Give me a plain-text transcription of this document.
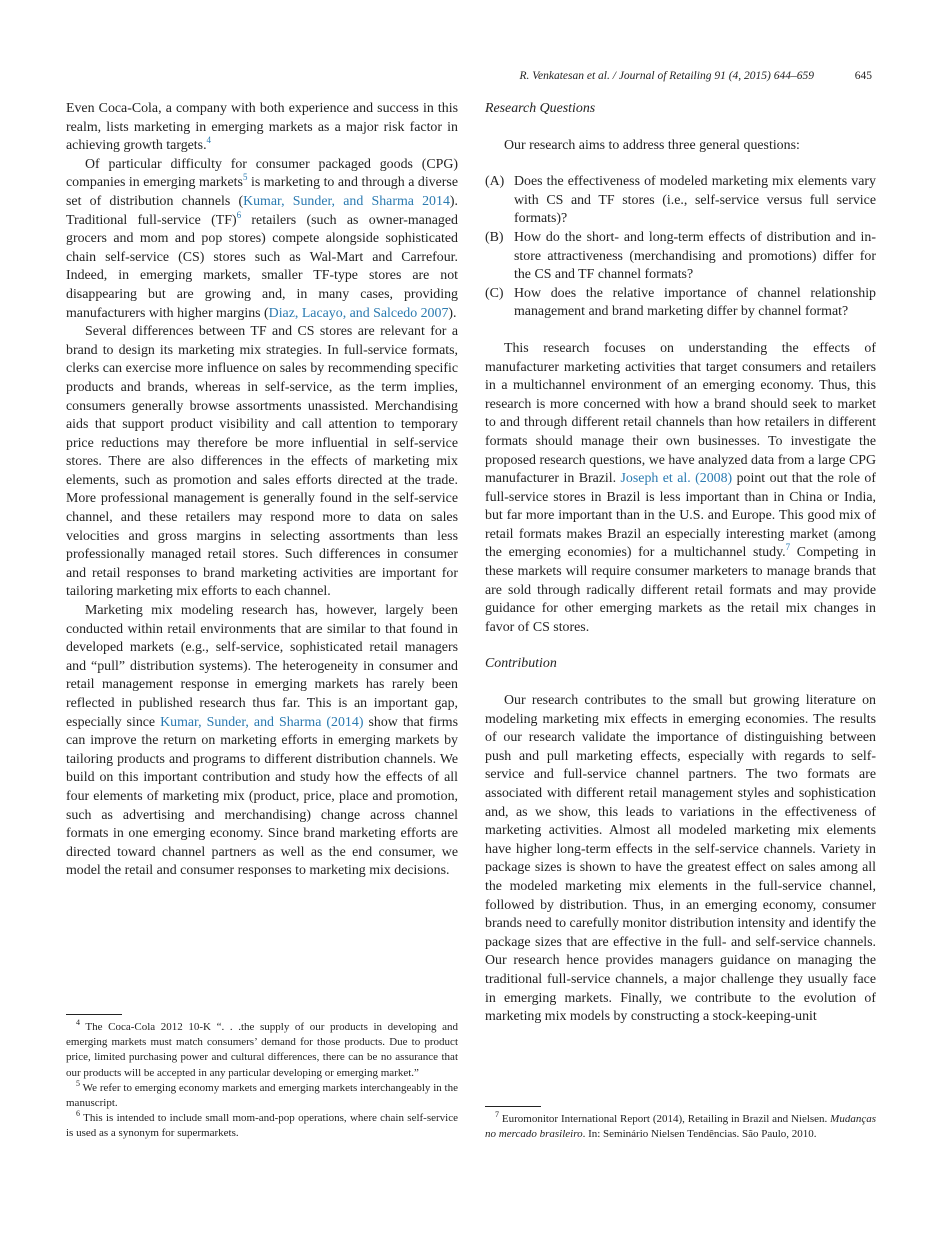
R. Venkatesan et al. / Journal of Retailing 91 (4, 2015) 644–659	645

Even Coca-Cola, a company with both experience and success in this realm, lists marketing in emerging markets as a major risk factor in achieving growth targets.$^4$

Of particular difficulty for consumer packaged goods (CPG) companies in emerging markets$^5$ is marketing to and through a diverse set of distribution channels (Kumar, Sunder, and Sharma 2014). Traditional full-service (TF)$^6$ retailers (such as owner-managed grocers and mom and pop stores) compete alongside sophisticated chain self-service (CS) stores such as Wal-Mart and Carrefour. Indeed, in emerging markets, smaller TF-type stores are not disappearing but are growing and, in many cases, providing manufacturers with higher margins (Diaz, Lacayo, and Salcedo 2007).

Several differences between TF and CS stores are relevant for a brand to design its marketing mix strategies. In full-service formats, clerks can exercise more influence on sales by recommending specific products and brands, whereas in self-service, as the term implies, consumers generally browse assortments unassisted. Merchandising aids that support product visibility and call attention to temporary price reductions may therefore be more influential in self-service stores. There are also differences in the effects of marketing mix elements, such as promotion and sales efforts directed at the trade. More professional management is generally found in the self-service channel, and these retailers may respond more to data on sales velocities and gross margins in selecting assortments than less professionally managed retail stores. Such differences in consumer and retail responses to brand marketing activities are important for tailoring marketing mix efforts to each channel.

Marketing mix modeling research has, however, largely been conducted within retail environments that are similar to that found in developed markets (e.g., self-service, sophisticated retail managers and “pull” distribution systems). The heterogeneity in consumer and retail management response in emerging markets has rarely been reflected in published research thus far. This is an important gap, especially since Kumar, Sunder, and Sharma (2014) show that firms can improve the return on marketing efforts in emerging markets by tailoring products and programs to different distribution channels. We build on this important contribution and study how the effects of all four elements of marketing mix (product, price, place and promotion, such as advertising and merchandising) change across channel formats in one emerging economy. Since brand marketing efforts are directed toward channel partners as well as the end consumer, we model the retail and consumer responses to marketing mix decisions.

$^4$ The Coca-Cola 2012 10-K “. . .the supply of our products in developing and emerging markets must match consumers’ demand for those products. Due to product price, limited purchasing power and cultural differences, there can be no assurance that our products will be accepted in any particular developing or emerging market.”

$^5$ We refer to emerging economy markets and emerging markets interchangeably in the manuscript.

$^6$ This is intended to include small mom-and-pop operations, where chain self-service is used as a synonym for supermarkets.

Research Questions

Our research aims to address three general questions:

(A) Does the effectiveness of modeled marketing mix elements vary with CS and TF stores (i.e., self-service versus full service formats)?
(B) How do the short- and long-term effects of distribution and in-store attractiveness (merchandising and promotions) differ for the CS and TF channel formats?
(C) How does the relative importance of channel relationship management and brand marketing differ by channel format?

This research focuses on understanding the effects of manufacturer marketing activities that target consumers and retailers in a multichannel environment of an emerging economy. Thus, this research is more concerned with how a brand should seek to market to and through different retail channels than how retailers in different formats should manage their own businesses. To investigate the proposed research questions, we have analyzed data from a large CPG manufacturer in Brazil. Joseph et al. (2008) point out that the role of full-service stores in Brazil is less important than in China or India, but far more important than in the U.S. and Europe. This good mix of retail formats makes Brazil an especially interesting market (among the emerging economies) for a multichannel study.$^7$ Competing in these markets will require consumer marketers to manage brands that are sold through radically different retail formats and may provide guidance for other emerging markets as the retail mix changes in favor of CS stores.

Contribution

Our research contributes to the small but growing literature on modeling marketing mix effects in emerging economies. The results of our research validate the importance of distinguishing between push and pull marketing effects, especially with regards to self-service and full-service channel partners. The two formats are associated with different retail management styles and sophistication and, as we show, this leads to variations in the effectiveness of marketing activities. Almost all modeled marketing mix elements have higher long-term effects in the self-service channels. Variety in package sizes is shown to have the greatest effect on sales among all the modeled marketing mix elements in the full-service channel, followed by distribution. Thus, in an emerging economy, consumer brands need to carefully monitor distribution intensity and identify the package sizes that are effective in the full- and self-service channels. Our research hence provides managers guidance on managing the traditional full-service channels, a major challenge they usually face in emerging markets. Finally, we contribute to the evolution of marketing mix models by constructing a stock-keeping-unit

$^7$ Euromonitor International Report (2014), Retailing in Brazil and Nielsen. Mudanças no mercado brasileiro. In: Seminário Nielsen Tendências. São Paulo, 2010.
